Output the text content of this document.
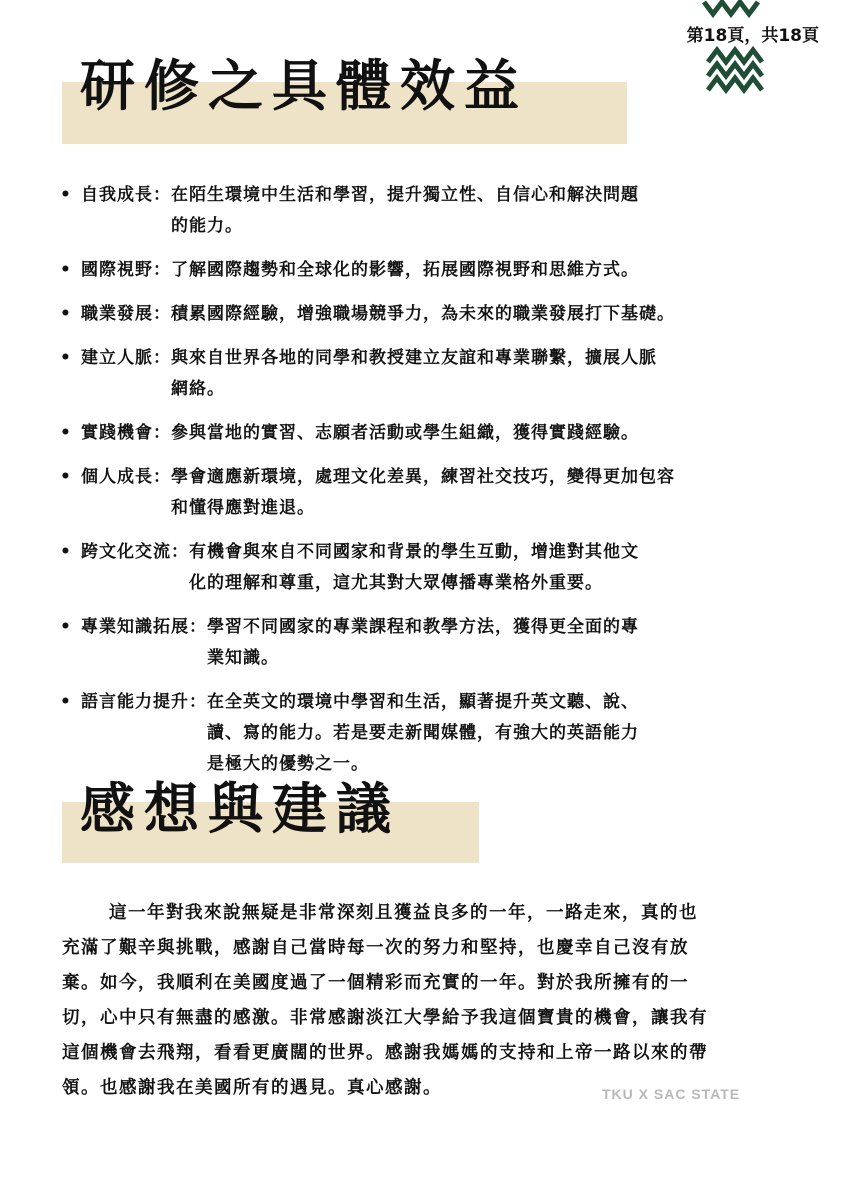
第18頁，共18頁
研修之具體效益
• 自我成長： 在陌生環境中生活和學習，提升獨立性、自信心和解決問題
的能力。
• 國際視野： 了解國際趨勢和全球化的影響，拓展國際視野和思維方式。
• 職業發展： 積累國際經驗，增強職場競爭力，為未來的職業發展打下基礎。
• 建立人脈： 與來自世界各地的同學和教授建立友誼和專業聯繫，擴展人脈
網絡。
• 實踐機會： 參與當地的實習、志願者活動或學生組織，獲得實踐經驗。
• 個人成長： 學會適應新環境，處理文化差異，練習社交技巧，變得更加包容
和懂得應對進退。
• 跨文化交流： 有機會與來自不同國家和背景的學生互動，增進對其他文
化的理解和尊重，這尤其對大眾傳播專業格外重要。
• 專業知識拓展： 學習不同國家的專業課程和教學方法，獲得更全面的專
業知識。
• 語言能力提升： 在全英文的環境中學習和生活，顯著提升英文聽、說、
讀、寫的能力。若是要走新聞媒體，有強大的英語能力
是極大的優勢之一。
感想與建議
這一年對我來說無疑是非常深刻且獲益良多的一年，一路走來，真的也
充滿了艱辛與挑戰，感謝自己當時每一次的努力和堅持，也慶幸自己沒有放
棄。如今，我順利在美國度過了一個精彩而充實的一年。對於我所擁有的一
切，心中只有無盡的感激。非常感謝淡江大學給予我這個寶貴的機會，讓我有
這個機會去飛翔，看看更廣闊的世界。感謝我媽媽的支持和上帝一路以來的帶
領。也感謝我在美國所有的遇見。真心感謝。	TKU X SAC STATE
